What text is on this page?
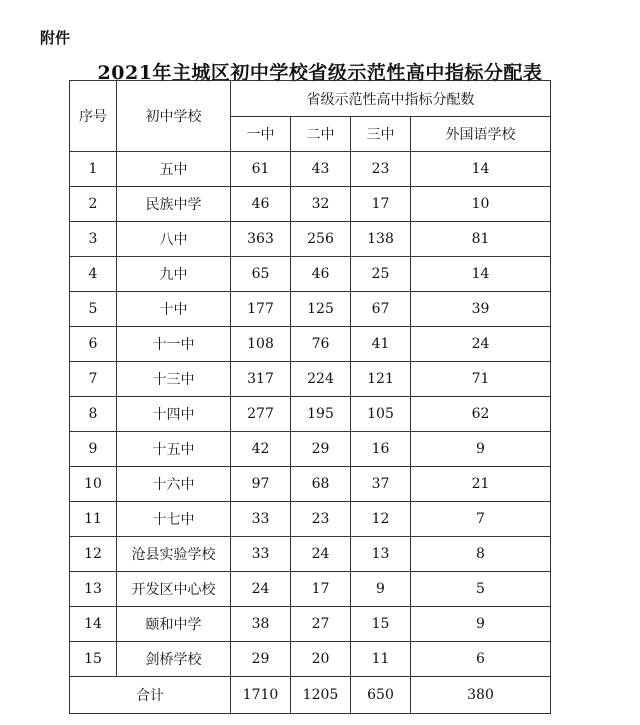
附件
2021年主城区初中学校省级示范性高中指标分配表
序号	初中学校	省级示范性高中指标分配数			
		一中	二中	三中	外国语学校
1	五中	61	43	23	14
2	民族中学	46	32	17	10
3	八中	363	256	138	81
4	九中	65	46	25	14
5	十中	177	125	67	39
6	十一中	108	76	41	24
7	十三中	317	224	121	71
8	十四中	277	195	105	62
9	十五中	42	29	16	9
10	十六中	97	68	37	21
11	十七中	33	23	12	7
12	沧县实验学校	33	24	13	8
13	开发区中心校	24	17	9	5
14	颐和中学	38	27	15	9
15	剑桥学校	29	20	11	6
合计		1710	1205	650	380
